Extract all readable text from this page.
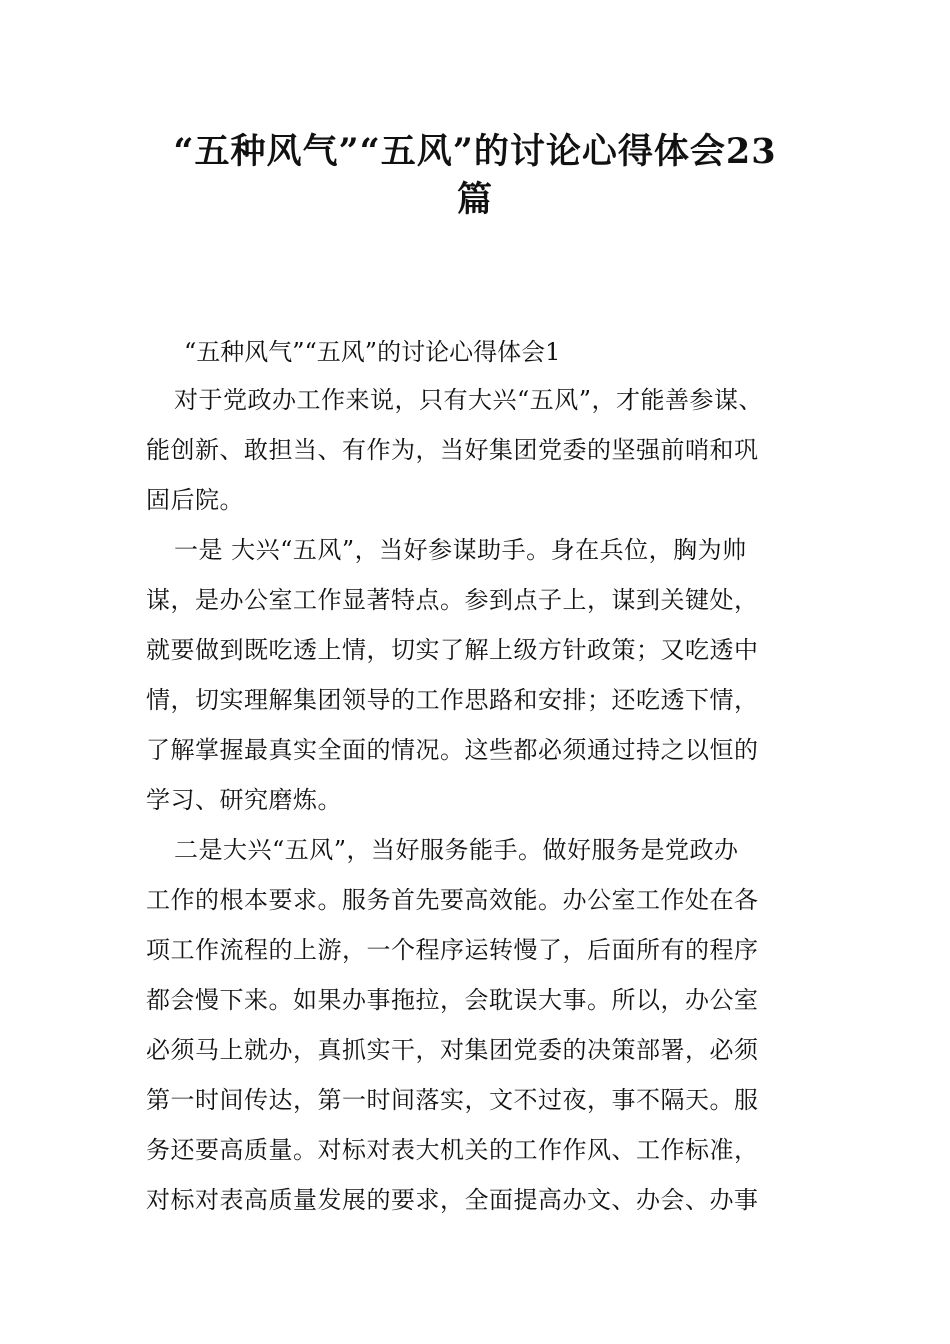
“五种风气”“五风”的讨论心得体会23
篇
“五种风气”“五风”的讨论心得体会1
对于党政办工作来说，只有大兴“五风”，才能善参谋、
能创新、敢担当、有作为，当好集团党委的坚强前哨和巩
固后院。
一是 大兴“五风”，当好参谋助手。身在兵位，胸为帅
谋，是办公室工作显著特点。参到点子上，谋到关键处，
就要做到既吃透上情，切实了解上级方针政策；又吃透中
情，切实理解集团领导的工作思路和安排；还吃透下情，
了解掌握最真实全面的情况。这些都必须通过持之以恒的
学习、研究磨炼。
二是大兴“五风”，当好服务能手。做好服务是党政办
工作的根本要求。服务首先要高效能。办公室工作处在各
项工作流程的上游，一个程序运转慢了，后面所有的程序
都会慢下来。如果办事拖拉，会耽误大事。所以，办公室
必须马上就办，真抓实干，对集团党委的决策部署，必须
第一时间传达，第一时间落实，文不过夜，事不隔天。服
务还要高质量。对标对表大机关的工作作风、工作标准，
对标对表高质量发展的要求，全面提高办文、办会、办事
